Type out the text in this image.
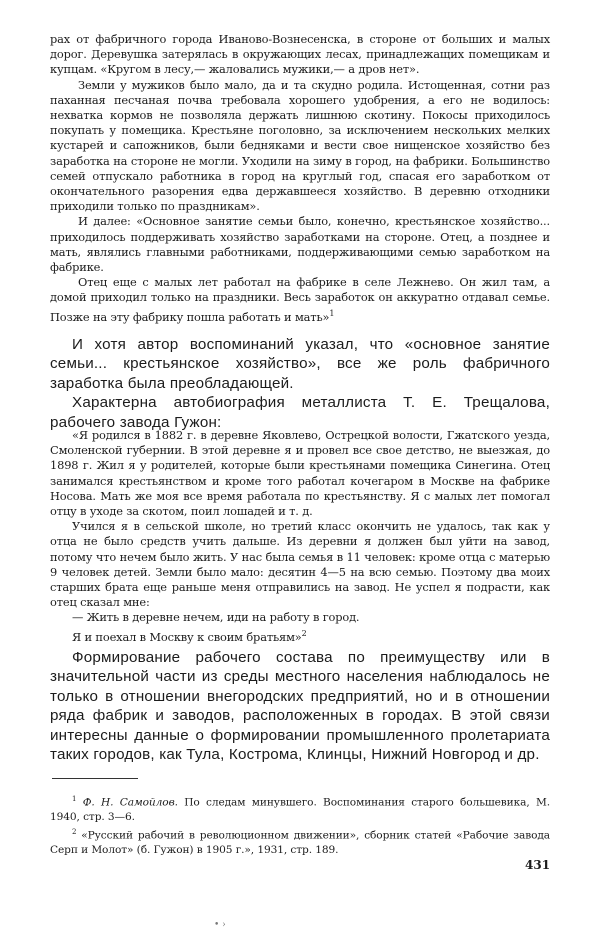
рах от фабричного города Иваново-Вознесенска, в стороне от больших и малых дорог. Деревушка затерялась в окружающих лесах, принадлежащих помещикам и купцам. «Кругом в лесу,— жаловались мужики,— а дров нет».

Земли у мужиков было мало, да и та скудно родила. Истощенная, сотни раз паханная песчаная почва требовала хорошего удобрения, а его не водилось: нехватка кормов не позволяла держать лишнюю скотину. Покосы приходилось покупать у помещика. Крестьяне поголовно, за исключением нескольких мелких кустарей и сапожников, были бедняками и вести свое нищенское хозяйство без заработка на стороне не могли. Уходили на зиму в город, на фабрики. Большинство семей отпускало работника в город на круглый год, спасая его заработком от окончательного разорения едва державшееся хозяйство. В деревню отходники приходили только по праздникам».

И далее: «Основное занятие семьи было, конечно, крестьянское хозяйство... приходилось поддерживать хозяйство заработками на стороне. Отец, а позднее и мать, являлись главными работниками, поддерживающими семью заработком на фабрике.

Отец еще с малых лет работал на фабрике в селе Лежнево. Он жил там, а домой приходил только на праздники. Весь заработок он аккуратно отдавал семье. Позже на эту фабрику пошла работать и мать»$^1$

И хотя автор воспоминаний указал, что «основное занятие семьи... крестьянское хозяйство», все же роль фабричного заработка была преобладающей.

Характерна автобиография металлиста Т. Е. Трещалова, рабочего завода Гужон:

«Я родился в 1882 г. в деревне Яковлево, Острецкой волости, Гжатского уезда, Смоленской губернии. В этой деревне я и провел все свое детство, не выезжая, до 1898 г. Жил я у родителей, которые были крестьянами помещика Синегина. Отец занимался крестьянством и кроме того работал кочегаром в Москве на фабрике Носова. Мать же моя все время работала по крестьянству. Я с малых лет помогал отцу в уходе за скотом, поил лошадей и т. д.

Учился я в сельской школе, но третий класс окончить не удалось, так как у отца не было средств учить дальше. Из деревни я должен был уйти на завод, потому что нечем было жить. У нас была семья в 11 человек: кроме отца с матерью 9 человек детей. Земли было мало: десятин 4—5 на всю семью. Поэтому два моих старших брата еще раньше меня отправились на завод. Не успел я подрасти, как отец сказал мне:

— Жить в деревне нечем, иди на работу в город.

Я и поехал в Москву к своим братьям»$^2$

Формирование рабочего состава по преимуществу или в значительной части из среды местного населения наблюдалось не только в отношении внегородских предприятий, но и в отношении ряда фабрик и заводов, расположенных в городах. В этой связи интересны данные о формировании промышленного пролетариата таких городов, как Тула, Кострома, Клинцы, Нижний Новгород и др.

$^1$ Ф. Н. Самойлов. По следам минувшего. Воспоминания старого большевика, М. 1940, стр. 3—6.

$^2$ «Русский рабочий в революционном движении», сборник статей «Рабочие завода Серп и Молот» (б. Гужон) в 1905 г.», 1931, стр. 189.

431
• ›
